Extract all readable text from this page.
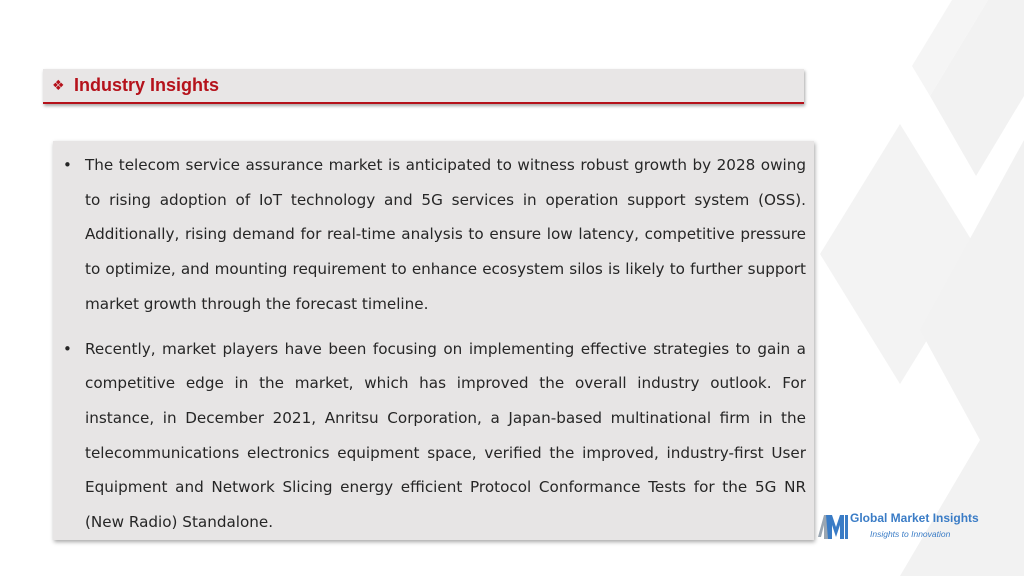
❖ Industry Insights
• The telecom service assurance market is anticipated to witness robust growth by 2028 owing to rising adoption of IoT technology and 5G services in operation support system (OSS). Additionally, rising demand for real-time analysis to ensure low latency, competitive pressure to optimize, and mounting requirement to enhance ecosystem silos is likely to further support market growth through the forecast timeline.
• Recently, market players have been focusing on implementing effective strategies to gain a competitive edge in the market, which has improved the overall industry outlook. For instance, in December 2021, Anritsu Corporation, a Japan-based multinational firm in the telecommunications electronics equipment space, verified the improved, industry-first User Equipment and Network Slicing energy efficient Protocol Conformance Tests for the 5G NR (New Radio) Standalone.	Global Market Insights
Insights to Innovation
